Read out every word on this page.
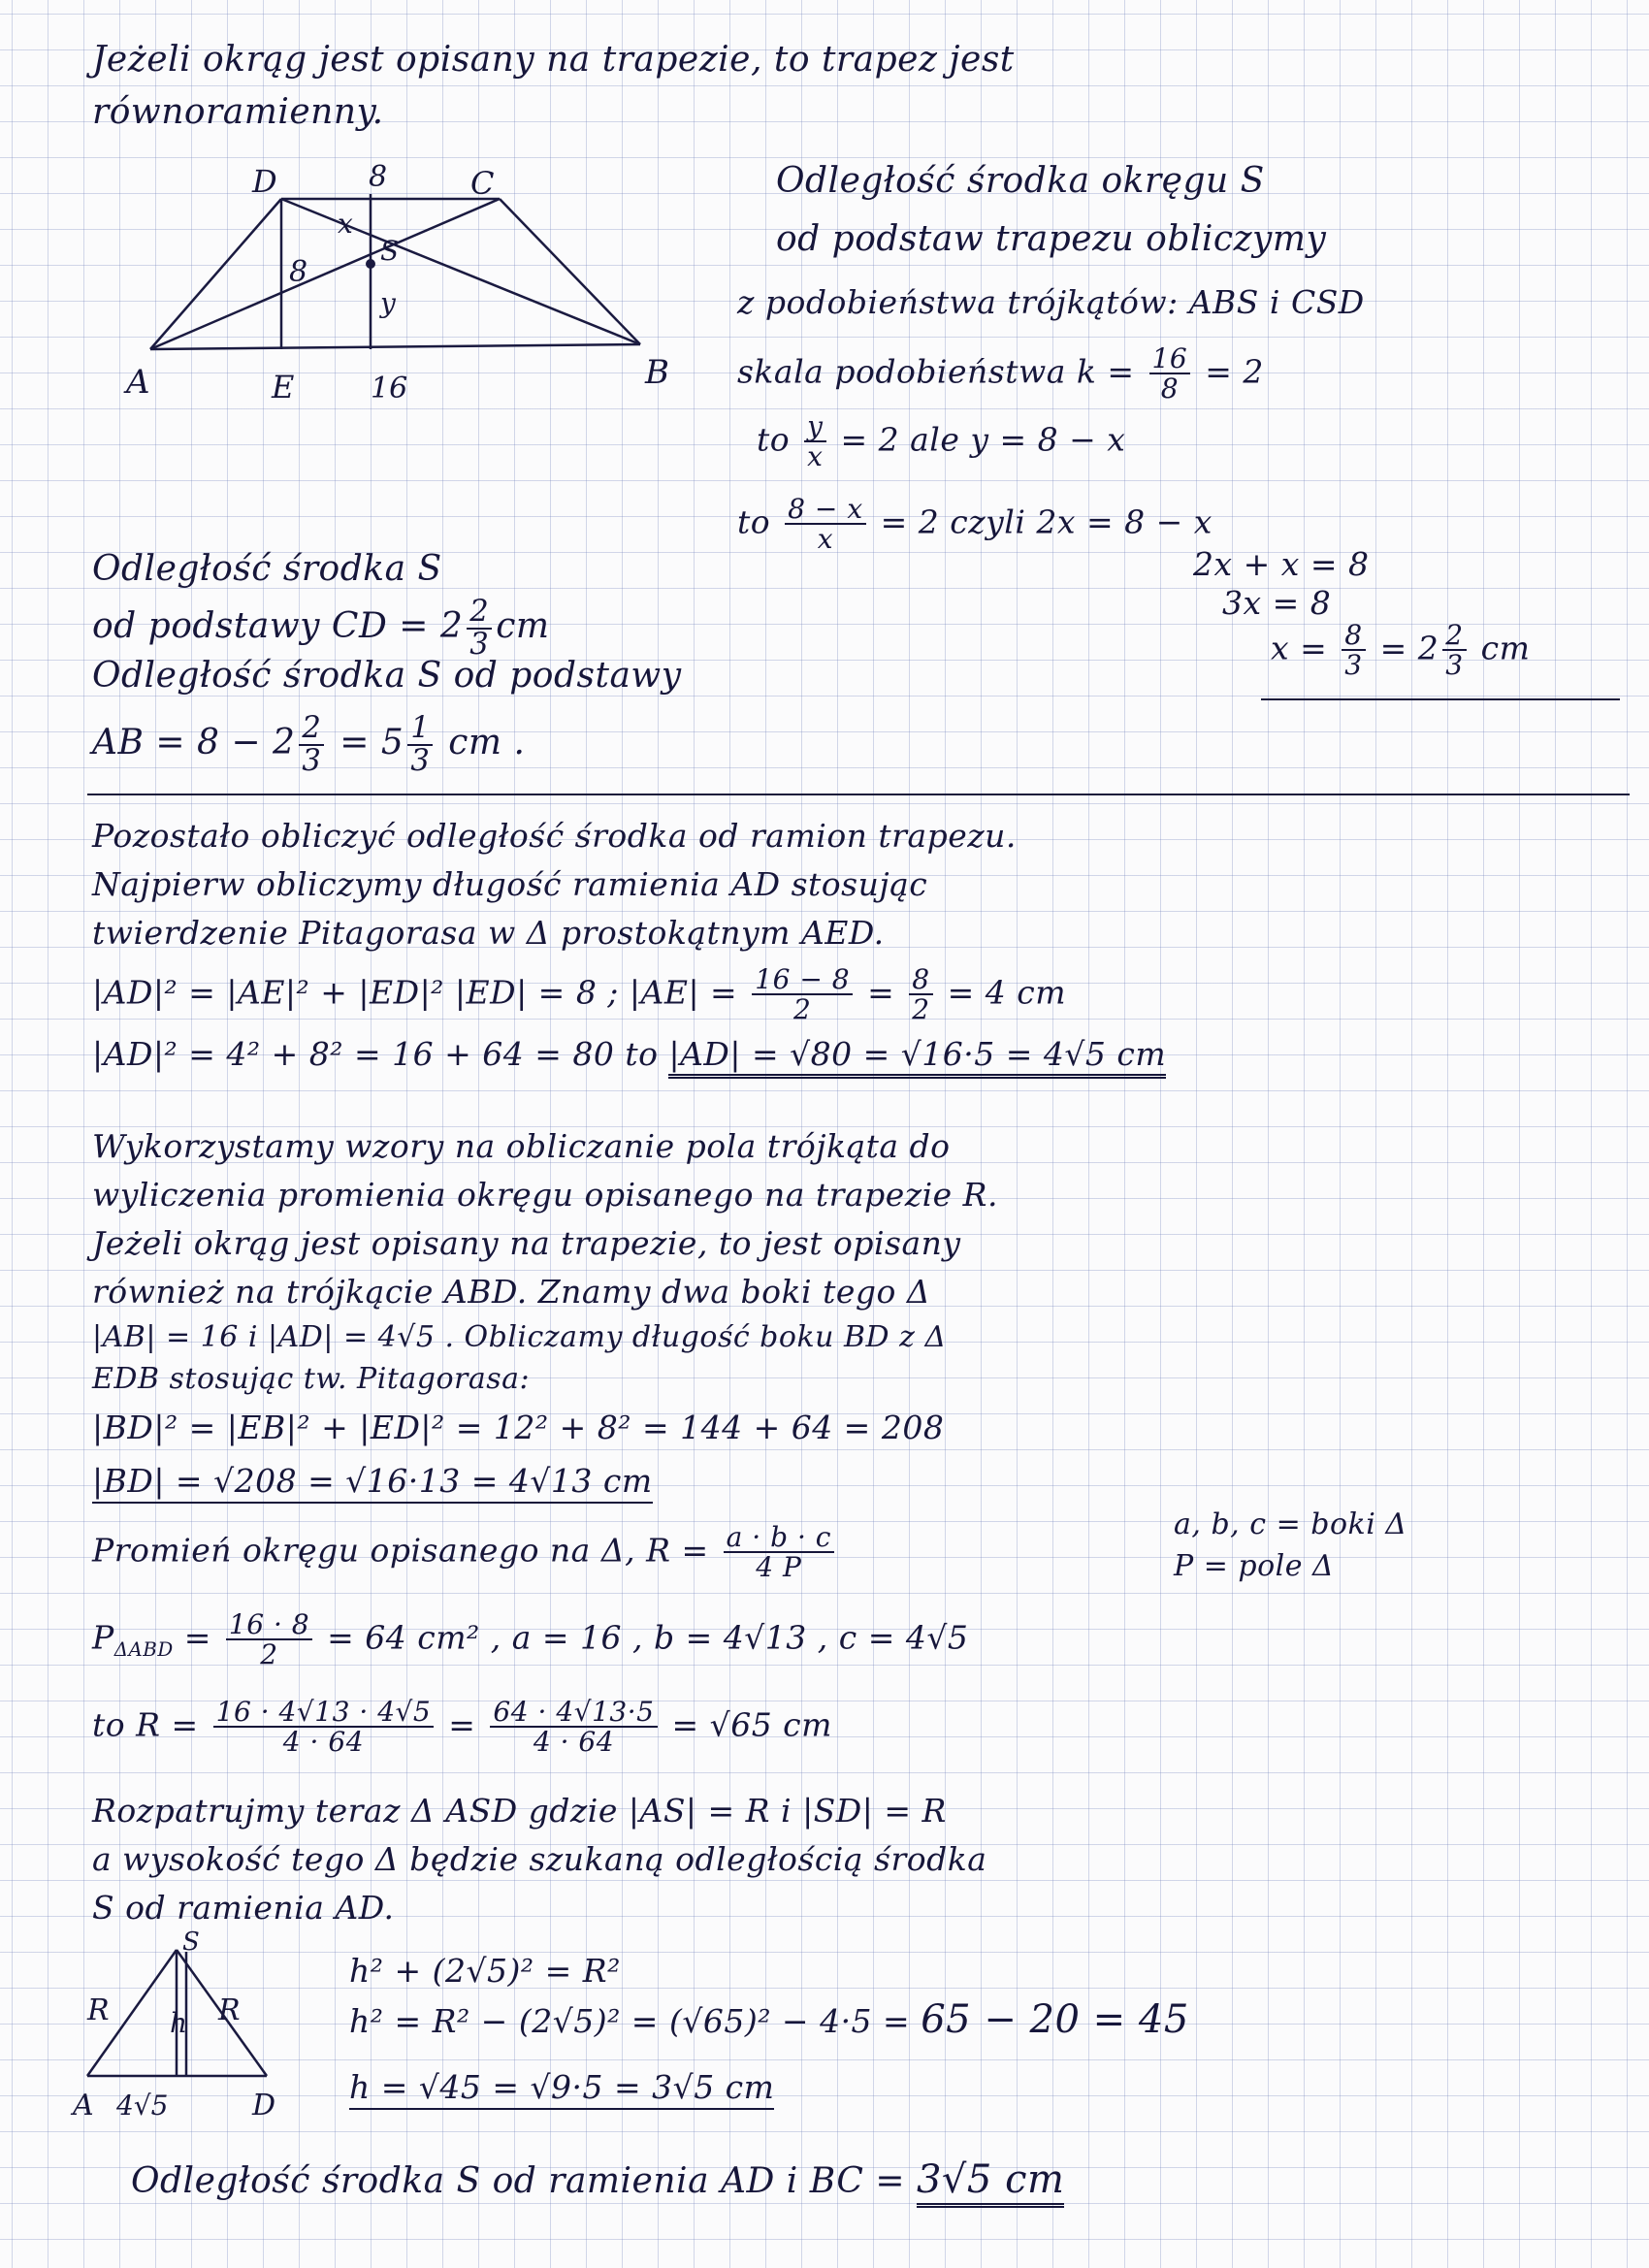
Jeżeli okrąg jest opisany na trapezie, to trapez jest
równoramienny.
D	8	C
x
S
8
y
A	E	16	B
Odległość środka okręgu S
od podstaw trapezu obliczymy
z podobieństwa trójkątów: ABS i CSD
skala podobieństwa $k = \frac{16}{8} = 2$
to $\frac{y}{x} = 2$ ale y = 8 − x
to $\frac{8 - x}{x} = 2$ czyli 2x = 8 − x
2x + x = 8
3x = 8
$x = \frac{8}{3} = 2 \frac{2}{3}$ cm
Odległość środka S
od podstawy CD = $2 \frac{2}{3}$ cm
Odległość środka S od podstawy
AB = $8 - 2 \frac{2}{3} = 5 \frac{1}{3}$ cm .
Pozostało obliczyć odległość środka od ramion trapezu.
Najpierw obliczymy długość ramienia AD stosując
twierdzenie Pitagorasa w Δ prostokątnym AED.
|AD|² = |AE|² + |ED|² |ED| = 8 ; $|AE| = \frac{16 - 8}{2} = \frac{8}{2} = 4$ cm
|AD|² = 4² + 8² = 16 + 64 = 80 to |AD| = √80 = √16·5 = 4√5 cm
Wykorzystamy wzory na obliczanie pola trójkąta do
wyliczenia promienia okręgu opisanego na trapezie R.
Jeżeli okrąg jest opisany na trapezie, to jest opisany
również na trójkącie ABD. Znamy dwa boki tego Δ
|AB| = 16 i |AD| = 4√5 . Obliczamy długość boku BD z Δ
EDB stosując tw. Pitagorasa:
|BD|² = |EB|² + |ED|² = 12² + 8² = 144 + 64 = 208
|BD| = √208 = √16·13 = 4√13 cm
Promień okręgu opisanego na Δ, $R = \frac{a \cdot b \cdot c}{4 P}$	a, b, c = boki Δ
P = pole Δ
$P_{\Delta ABD} = \frac{16 \cdot 8}{2} = 64$ cm² , a = 16 , b = 4√13 , c = 4√5
to $R = \frac{16 \cdot 4√13 \cdot 4√5}{4 \cdot 64} = \frac{64 \cdot 4√13\cdot 5}{4 \cdot 64} = √65$ cm
Rozpatrujmy teraz Δ ASD gdzie |AS| = R i |SD| = R
a wysokość tego Δ będzie szukaną odległością środka
S od ramienia AD.
S
R	R
h
A 4√5	D
h² + (2√5)² = R²
h² = R² − (2√5)² = (√65)² − 4·5 = 65 − 20 = 45
h = √45 = √9·5 = 3√5 cm
Odległość środka S od ramienia AD i BC = 3√5 cm
